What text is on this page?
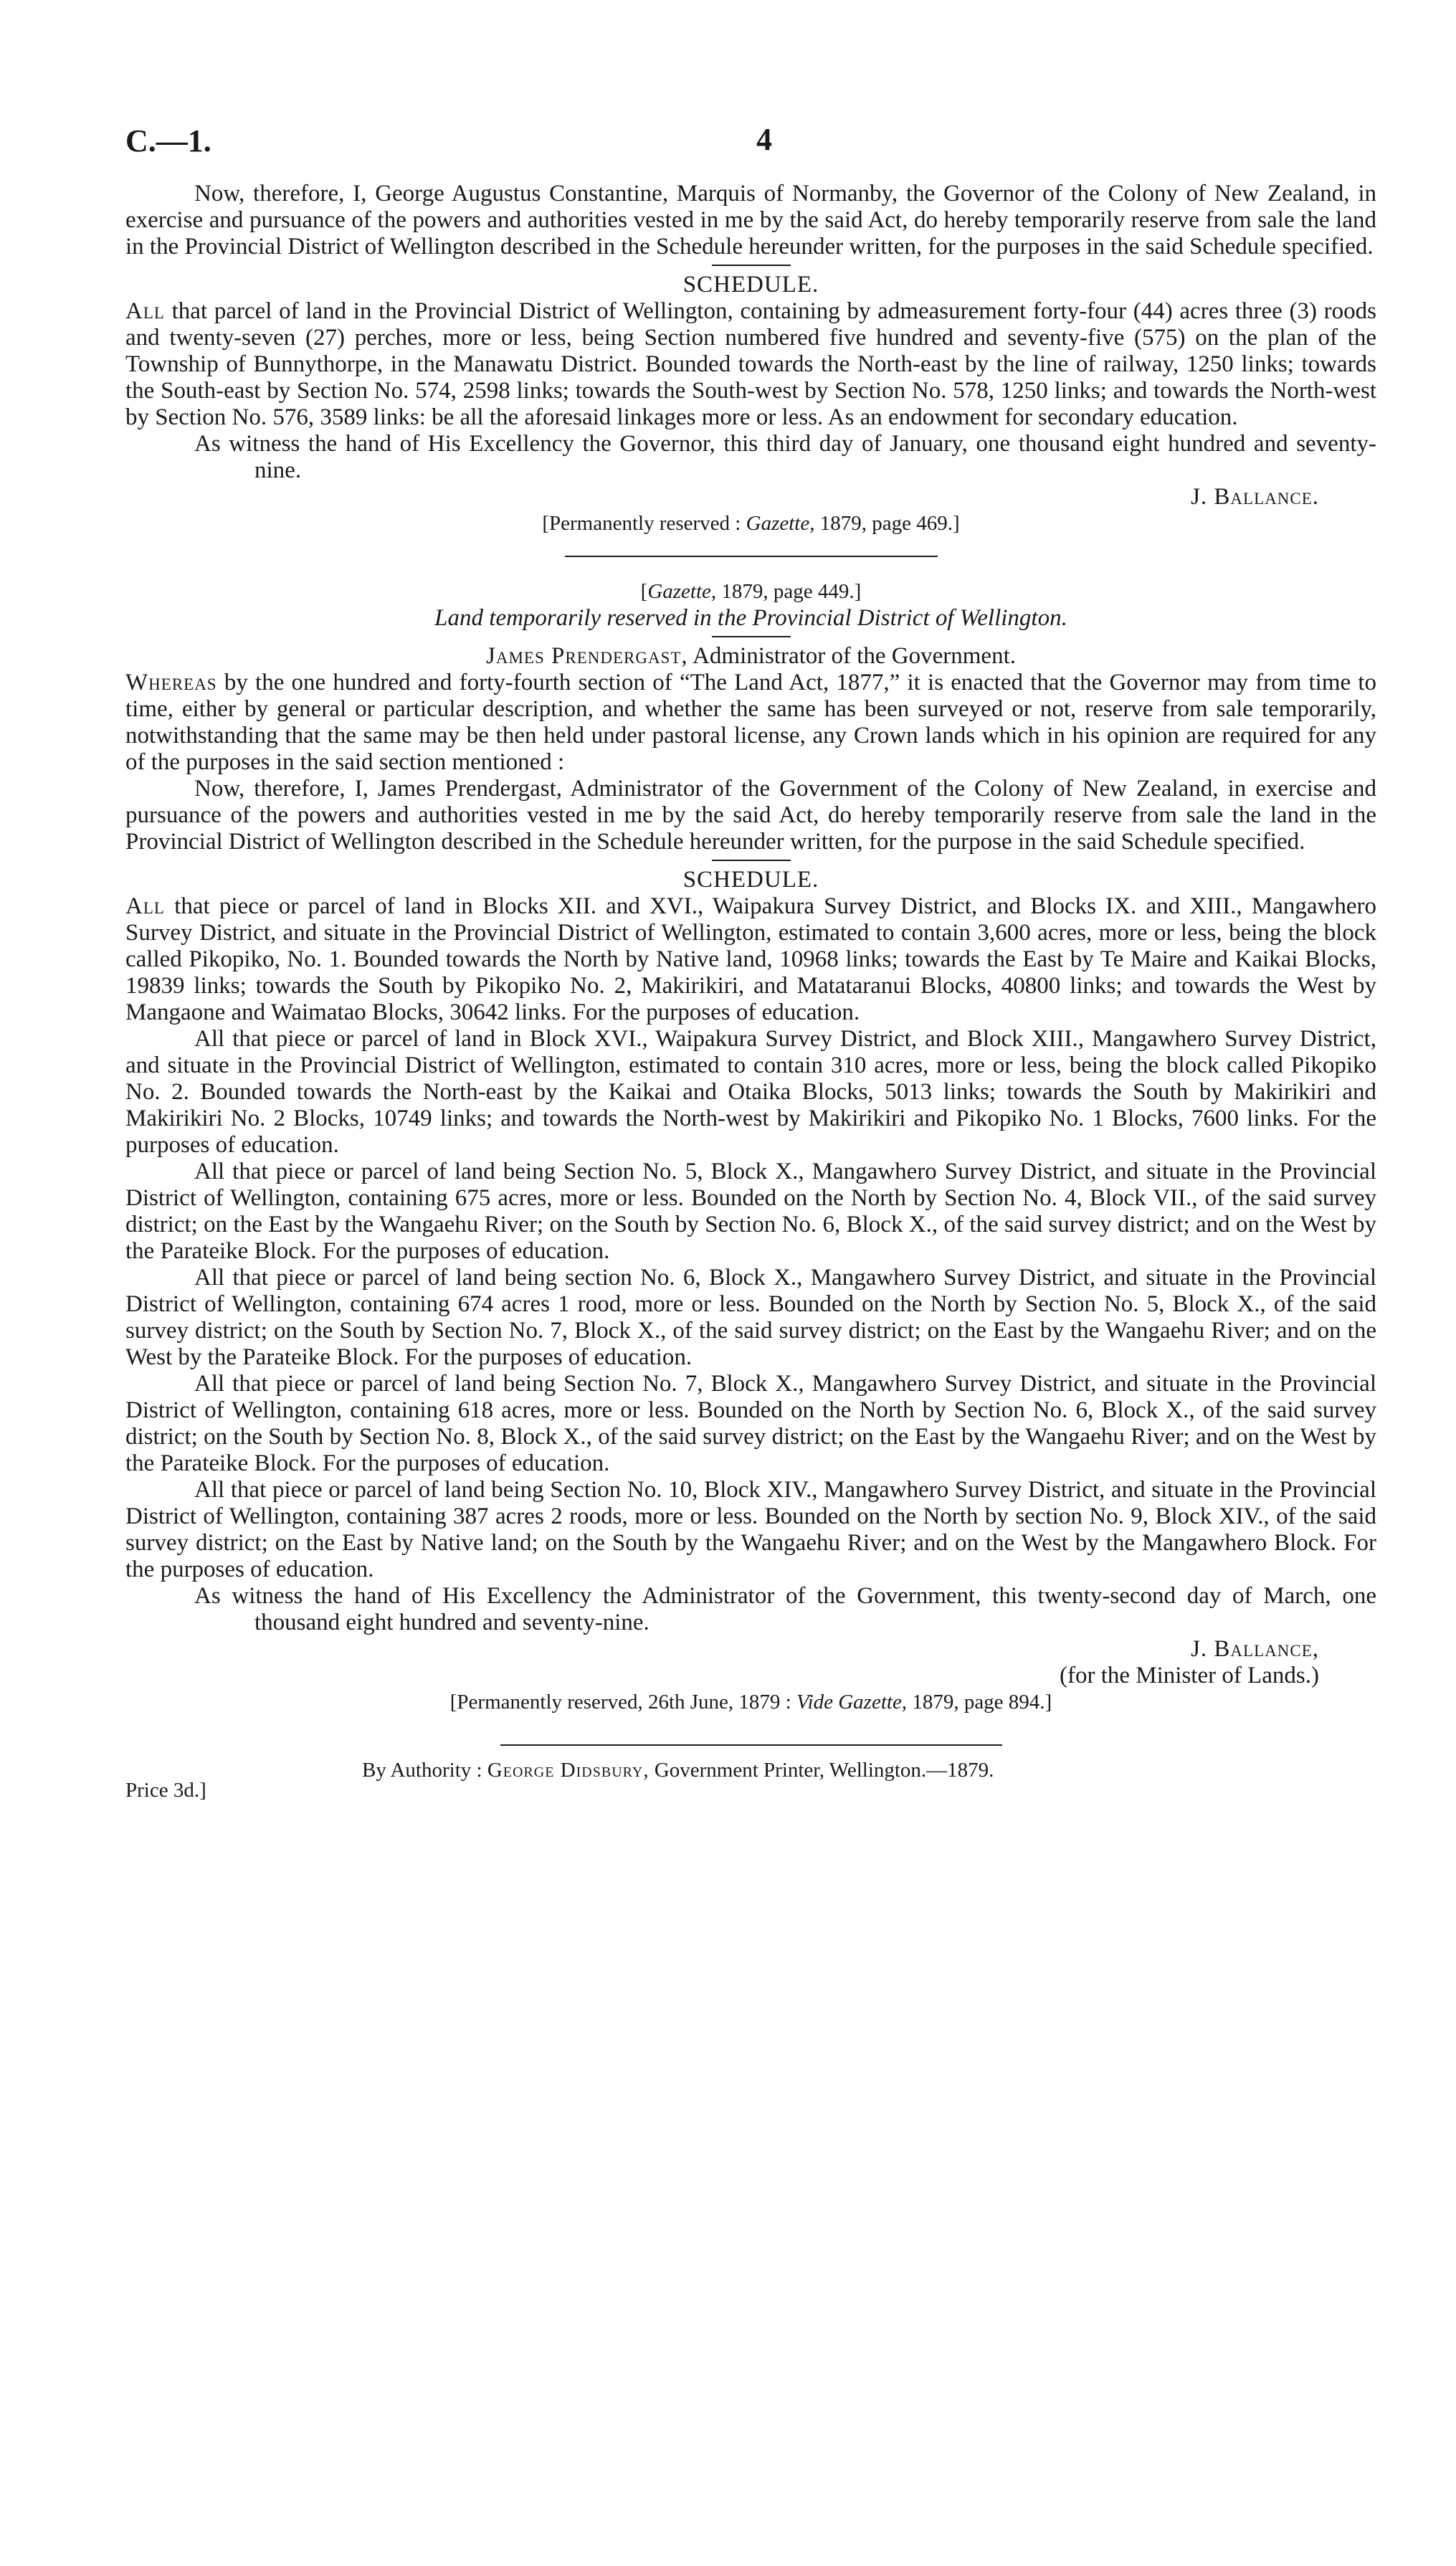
C.—1.	4

Now, therefore, I, George Augustus Constantine, Marquis of Normanby, the Governor of the Colony of New Zealand, in exercise and pursuance of the powers and authorities vested in me by the said Act, do hereby temporarily reserve from sale the land in the Provincial District of Wellington described in the Schedule hereunder written, for the purposes in the said Schedule specified.

SCHEDULE.

All that parcel of land in the Provincial District of Wellington, containing by admeasurement forty-four (44) acres three (3) roods and twenty-seven (27) perches, more or less, being Section numbered five hundred and seventy-five (575) on the plan of the Township of Bunnythorpe, in the Manawatu District. Bounded towards the North-east by the line of railway, 1250 links; towards the South-east by Section No. 574, 2598 links; towards the South-west by Section No. 578, 1250 links; and towards the North-west by Section No. 576, 3589 links: be all the aforesaid linkages more or less. As an endowment for secondary education.

As witness the hand of His Excellency the Governor, this third day of January, one thousand eight hundred and seventy-nine.

J. Ballance.
[Permanently reserved : Gazette, 1879, page 469.]
[Gazette, 1879, page 449.]
Land temporarily reserved in the Provincial District of Wellington.
James Prendergast, Administrator of the Government.

Whereas by the one hundred and forty-fourth section of “The Land Act, 1877,” it is enacted that the Governor may from time to time, either by general or particular description, and whether the same has been surveyed or not, reserve from sale temporarily, notwithstanding that the same may be then held under pastoral license, any Crown lands which in his opinion are required for any of the purposes in the said section mentioned :

Now, therefore, I, James Prendergast, Administrator of the Government of the Colony of New Zealand, in exercise and pursuance of the powers and authorities vested in me by the said Act, do hereby temporarily reserve from sale the land in the Provincial District of Wellington described in the Schedule hereunder written, for the purpose in the said Schedule specified.

SCHEDULE.

All that piece or parcel of land in Blocks XII. and XVI., Waipakura Survey District, and Blocks IX. and XIII., Mangawhero Survey District, and situate in the Provincial District of Wellington, estimated to contain 3,600 acres, more or less, being the block called Pikopiko, No. 1. Bounded towards the North by Native land, 10968 links; towards the East by Te Maire and Kaikai Blocks, 19839 links; towards the South by Pikopiko No. 2, Makirikiri, and Matataranui Blocks, 40800 links; and towards the West by Mangaone and Waimatao Blocks, 30642 links. For the purposes of education.

All that piece or parcel of land in Block XVI., Waipakura Survey District, and Block XIII., Mangawhero Survey District, and situate in the Provincial District of Wellington, estimated to contain 310 acres, more or less, being the block called Pikopiko No. 2. Bounded towards the North-east by the Kaikai and Otaika Blocks, 5013 links; towards the South by Makirikiri and Makirikiri No. 2 Blocks, 10749 links; and towards the North-west by Makirikiri and Pikopiko No. 1 Blocks, 7600 links. For the purposes of education.

All that piece or parcel of land being Section No. 5, Block X., Mangawhero Survey District, and situate in the Provincial District of Wellington, containing 675 acres, more or less. Bounded on the North by Section No. 4, Block VII., of the said survey district; on the East by the Wangaehu River; on the South by Section No. 6, Block X., of the said survey district; and on the West by the Parateike Block. For the purposes of education.

All that piece or parcel of land being section No. 6, Block X., Mangawhero Survey District, and situate in the Provincial District of Wellington, containing 674 acres 1 rood, more or less. Bounded on the North by Section No. 5, Block X., of the said survey district; on the South by Section No. 7, Block X., of the said survey district; on the East by the Wangaehu River; and on the West by the Parateike Block. For the purposes of education.

All that piece or parcel of land being Section No. 7, Block X., Mangawhero Survey District, and situate in the Provincial District of Wellington, containing 618 acres, more or less. Bounded on the North by Section No. 6, Block X., of the said survey district; on the South by Section No. 8, Block X., of the said survey district; on the East by the Wangaehu River; and on the West by the Parateike Block. For the purposes of education.

All that piece or parcel of land being Section No. 10, Block XIV., Mangawhero Survey District, and situate in the Provincial District of Wellington, containing 387 acres 2 roods, more or less. Bounded on the North by section No. 9, Block XIV., of the said survey district; on the East by Native land; on the South by the Wangaehu River; and on the West by the Mangawhero Block. For the purposes of education.

As witness the hand of His Excellency the Administrator of the Government, this twenty-second day of March, one thousand eight hundred and seventy-nine.

J. Ballance,
(for the Minister of Lands.)
[Permanently reserved, 26th June, 1879 : Vide Gazette, 1879, page 894.]
Price 3d.]
By Authority : George Didsbury, Government Printer, Wellington.—1879.
